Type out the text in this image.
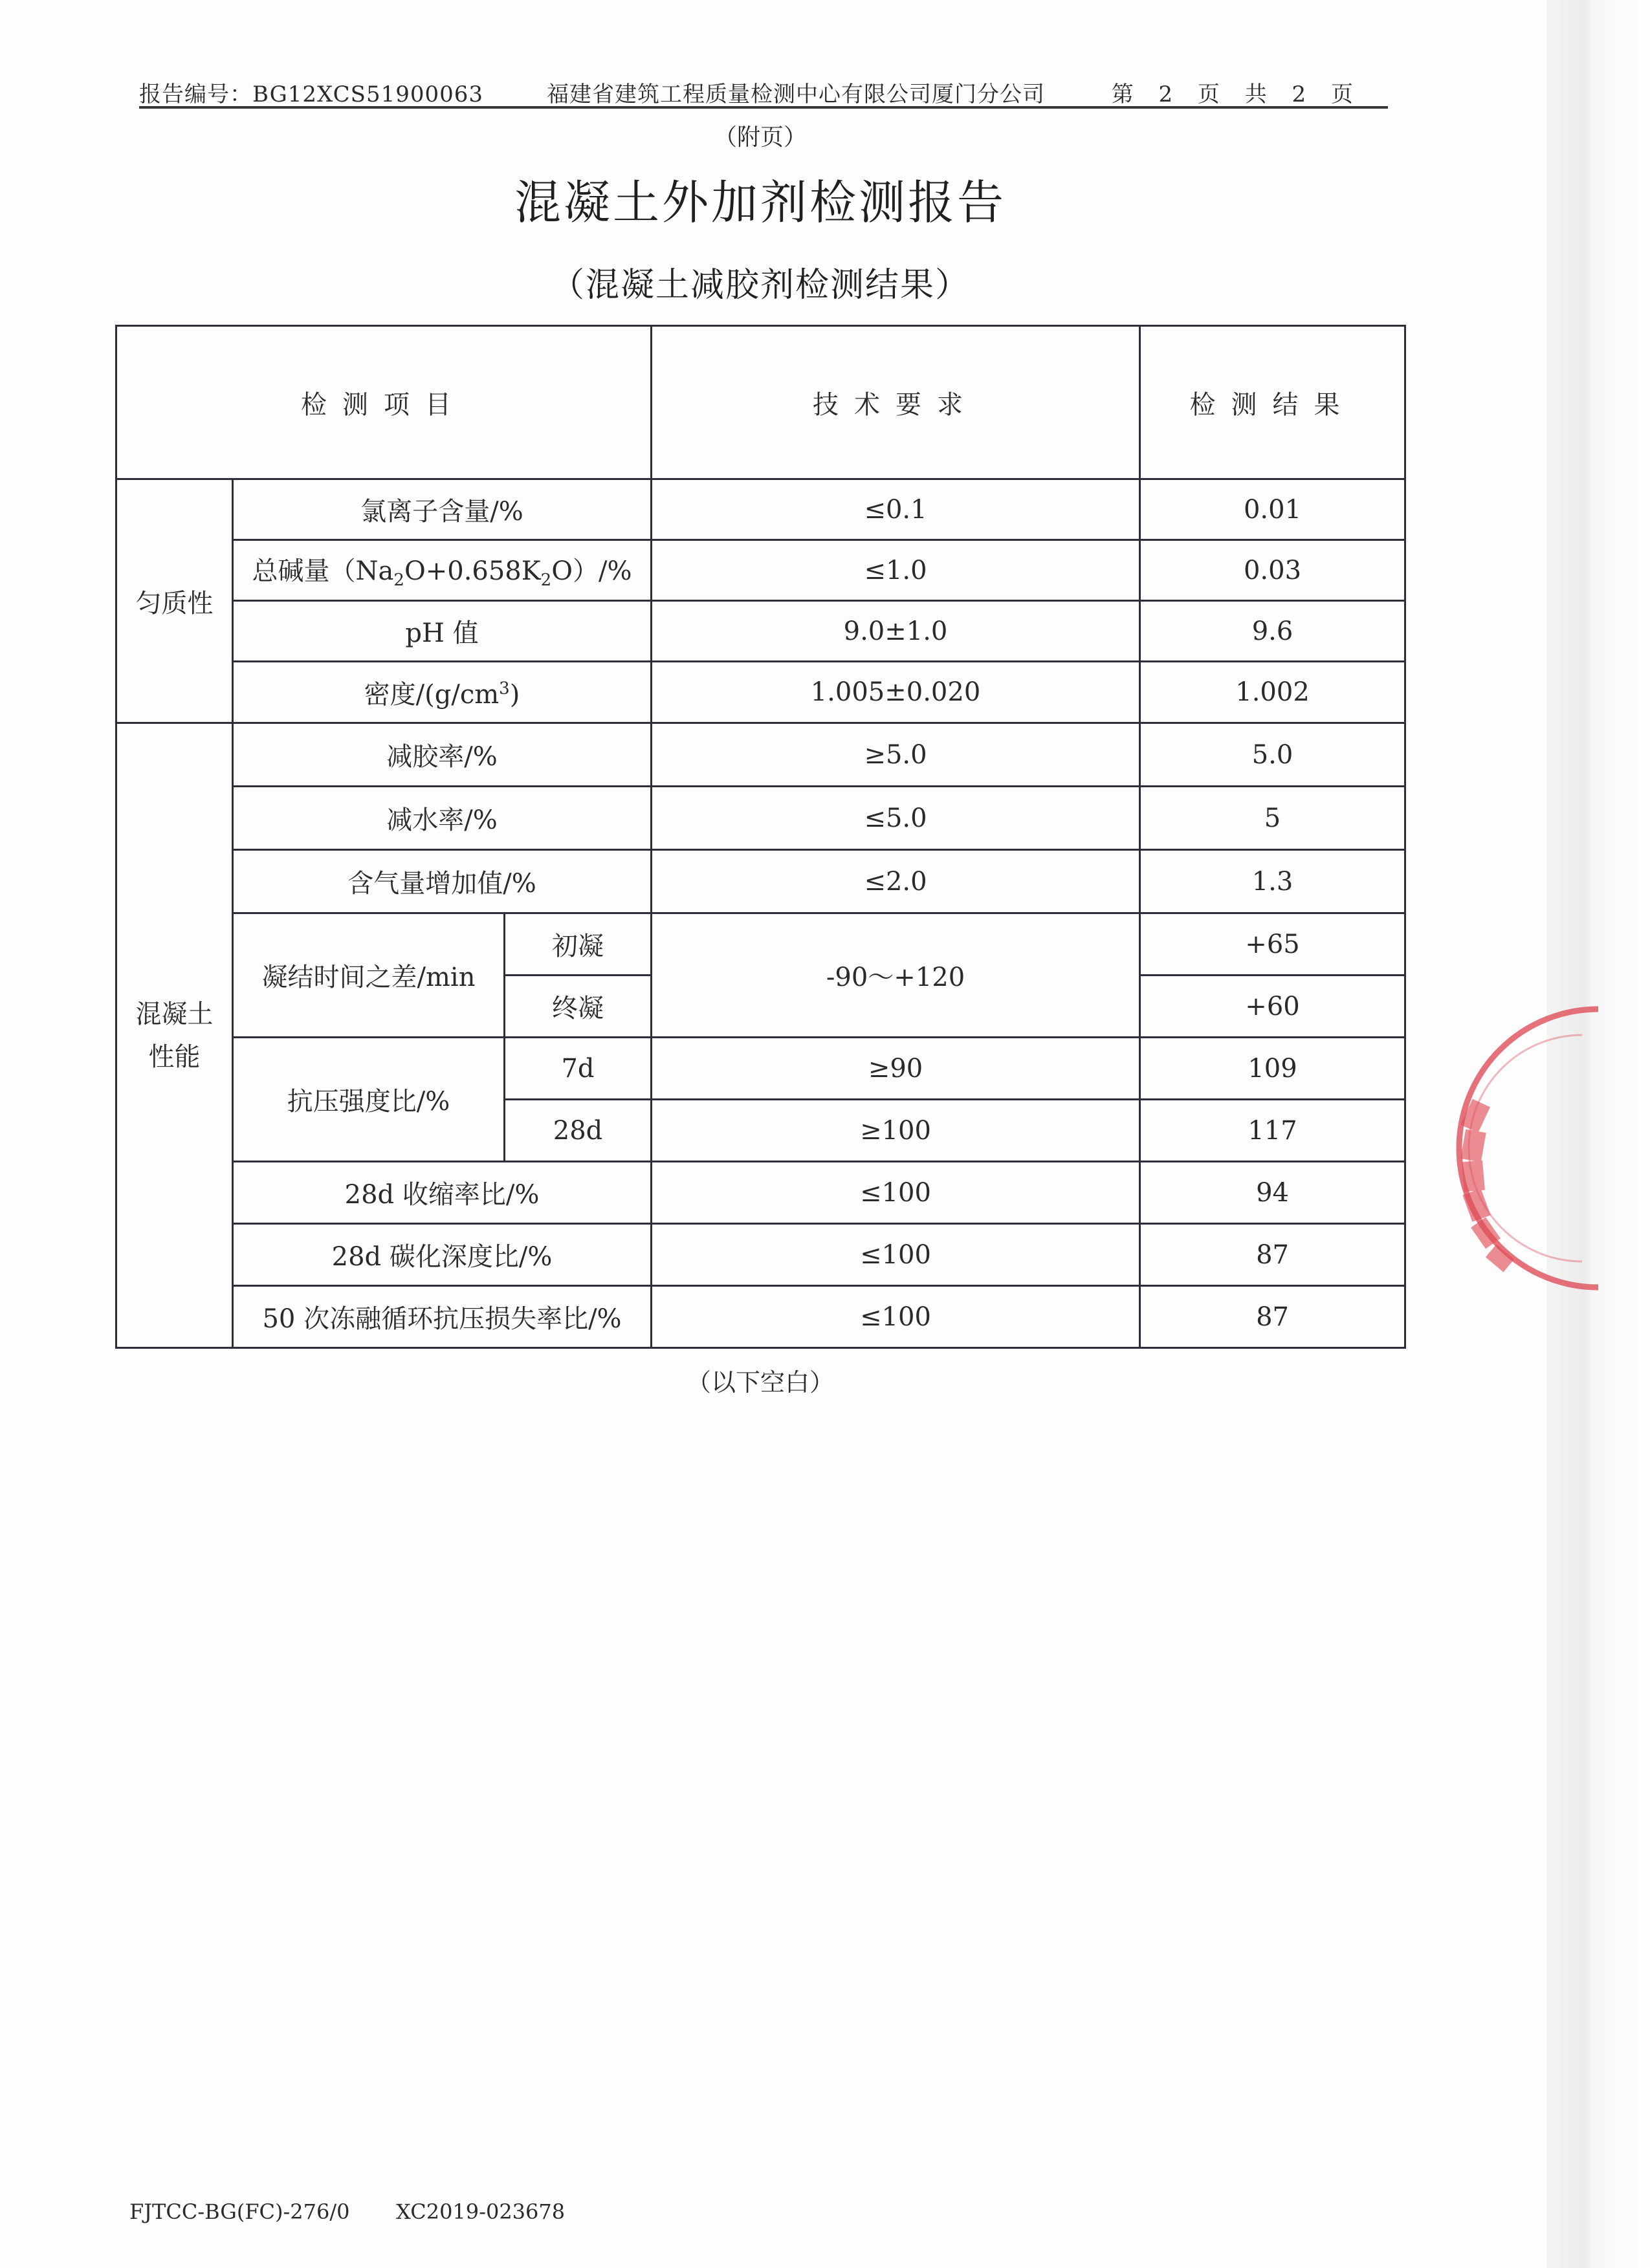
报告编号：BG12XCS51900063	福建省建筑工程质量检测中心有限公司厦门分公司	第 2 页 共 2 页
（附页）
混凝土外加剂检测报告
（混凝土减胶剂检测结果）
检测项目			技术要求	检测结果
匀质性	氯离子含量/%		≤0.1	0.01
	总碱量$(Na_2O+0.658K_2O)/\%$		≤1.0	0.03
	pH 值		9.0±1.0	9.6
	密度$/(g/cm^3)$		1.005±0.020	1.002
混凝土
性能	减胶率/%		≥5.0	5.0
	减水率/%		≤5.0	5
	含气量增加值/%		≤2.0	1.3
	凝结时间之差/min	初凝	-90～+120	+65
		终凝		+60
	抗压强度比/%	7d	≥90	109
		28d	≥100	117
	28d 收缩率比/%		≤100	94
	28d 碳化深度比/%		≤100	87
	50 次冻融循环抗压损失率比/%		≤100	87
（以下空白）
FJTCC-BG(FC)-276/0 XC2019-023678
